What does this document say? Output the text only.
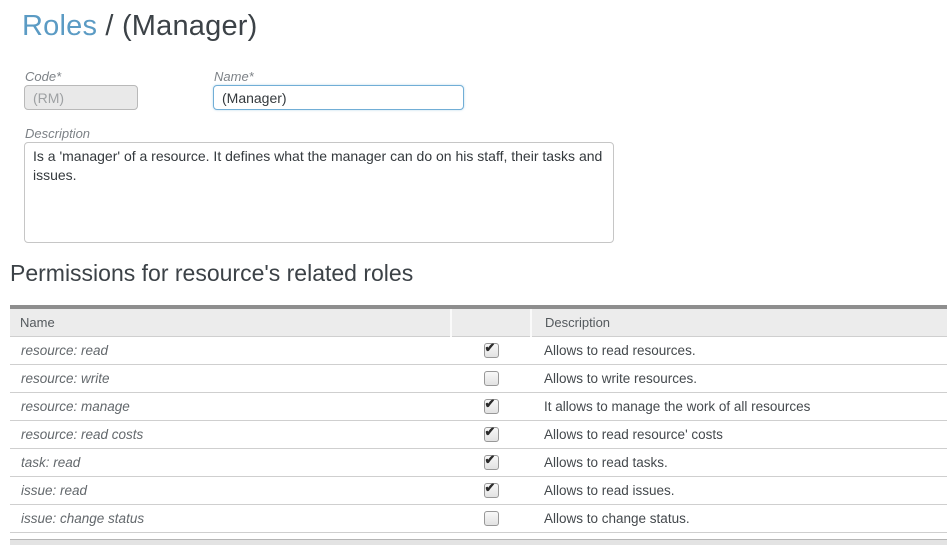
Roles / (Manager)
Code*
(RM)	Name*
(Manager)
Description
Is a 'manager' of a resource. It defines what the manager can do on his staff, their tasks and issues.
Permissions for resource's related roles
Name		Description
resource: read	✔	Allows to read resources.
resource: write		Allows to write resources.
resource: manage	✔	It allows to manage the work of all resources
resource: read costs	✔	Allows to read resource' costs
task: read	✔	Allows to read tasks.
issue: read	✔	Allows to read issues.
issue: change status		Allows to change status.
